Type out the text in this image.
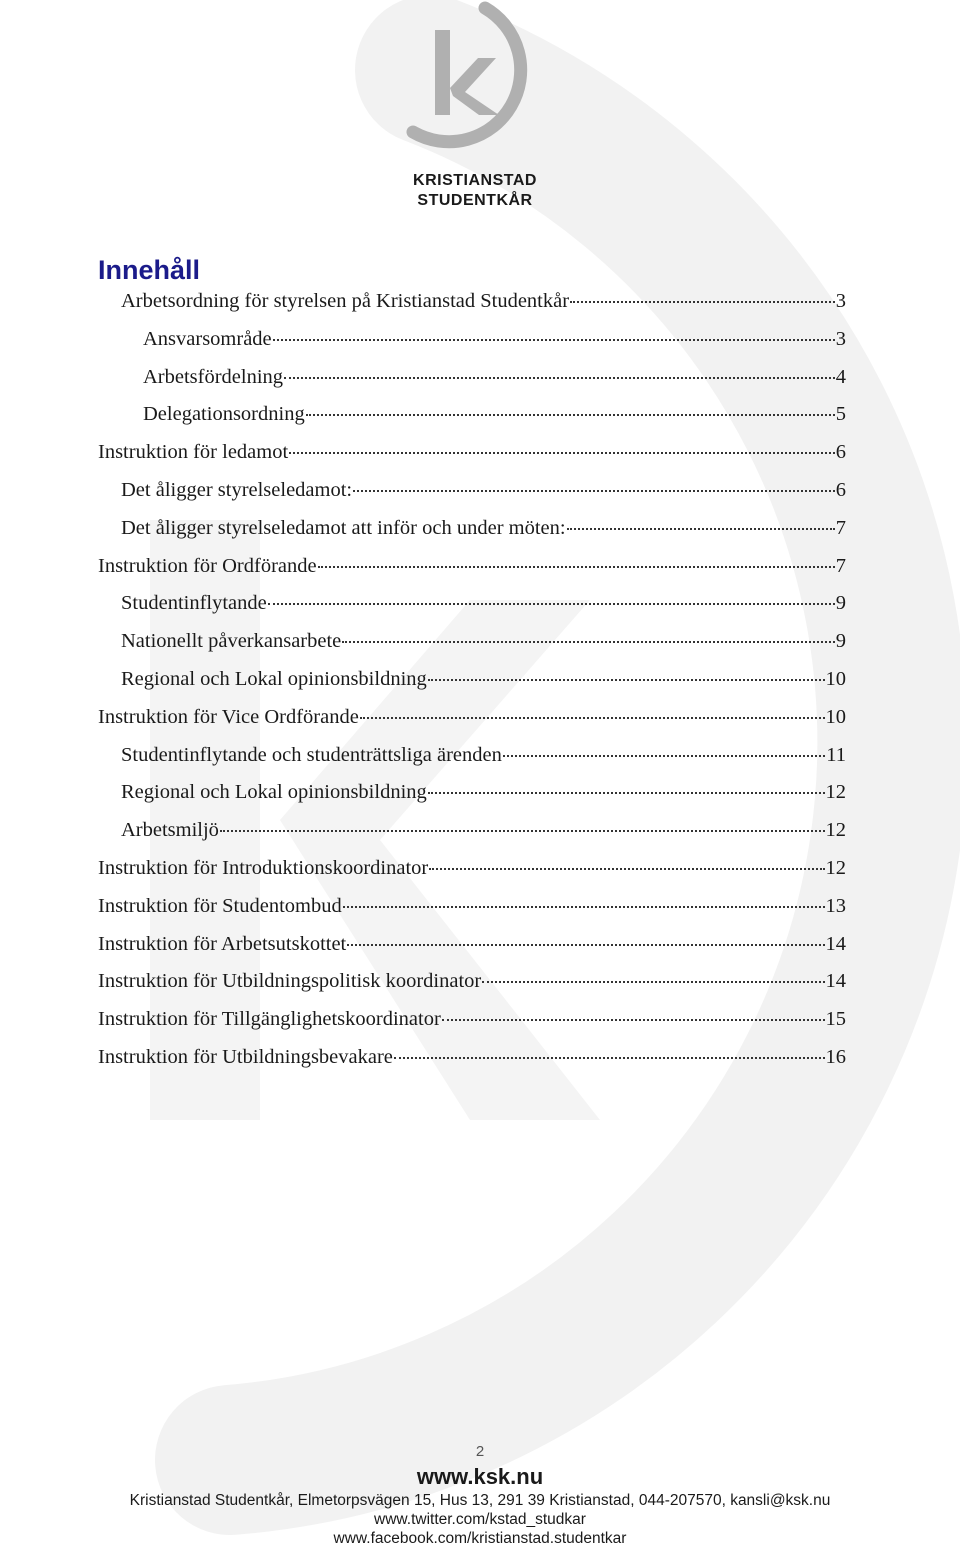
KRISTIANSTAD
STUDENTKÅR
Innehåll
Arbetsordning för styrelsen på Kristianstad Studentkår	3
Ansvarsområde	3
Arbetsfördelning	4
Delegationsordning	5
Instruktion för ledamot	6
Det åligger styrelseledamot:	6
Det åligger styrelseledamot att inför och under möten:	7
Instruktion för Ordförande	7
Studentinflytande	9
Nationellt påverkansarbete	9
Regional och Lokal opinionsbildning	10
Instruktion för Vice Ordförande	10
Studentinflytande och studenträttsliga ärenden	11
Regional och Lokal opinionsbildning	12
Arbetsmiljö	12
Instruktion för Introduktionskoordinator	12
Instruktion för Studentombud	13
Instruktion för Arbetsutskottet	14
Instruktion för Utbildningspolitisk koordinator	14
Instruktion för Tillgänglighetskoordinator	15
Instruktion för Utbildningsbevakare	16
2
www.ksk.nu
Kristianstad Studentkår, Elmetorpsvägen 15, Hus 13, 291 39 Kristianstad, 044-207570, kansli@ksk.nu
www.twitter.com/kstad_studkar
www.facebook.com/kristianstad.studentkar
